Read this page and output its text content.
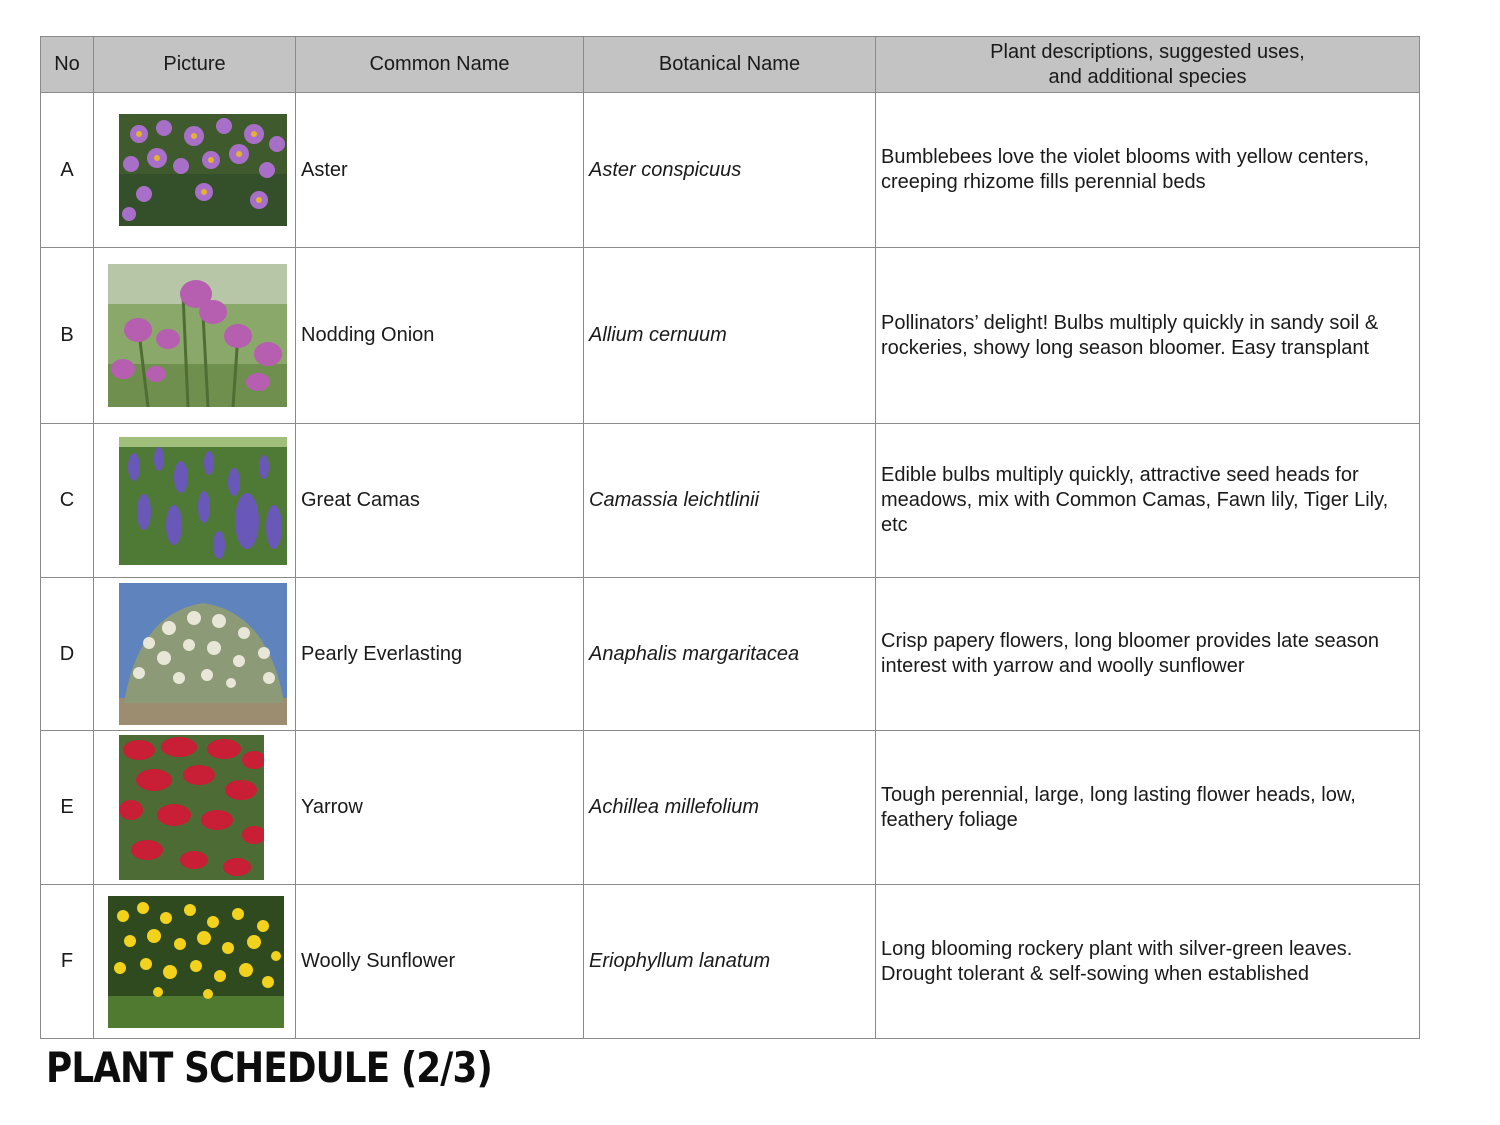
No	Picture	Common Name	Botanical Name	Plant descriptions, suggested uses,
and additional species
A		Aster	Aster conspicuus	Bumblebees love the violet blooms with yellow centers, creeping rhizome fills perennial beds
B		Nodding Onion	Allium cernuum	Pollinators’ delight! Bulbs multiply quickly in sandy soil & rockeries, showy long season bloomer. Easy transplant
C		Great Camas	Camassia leichtlinii	Edible bulbs multiply quickly, attractive seed heads for meadows, mix with Common Camas, Fawn lily, Tiger Lily, etc
D		Pearly Everlasting	Anaphalis margaritacea	Crisp papery flowers, long bloomer provides late season interest with yarrow and woolly sunflower
E		Yarrow	Achillea millefolium	Tough perennial, large, long lasting flower heads, low, feathery foliage
F		Woolly Sunflower	Eriophyllum lanatum	Long blooming rockery plant with silver-green leaves. Drought tolerant & self-sowing when established
PLANT SCHEDULE (2/3)
